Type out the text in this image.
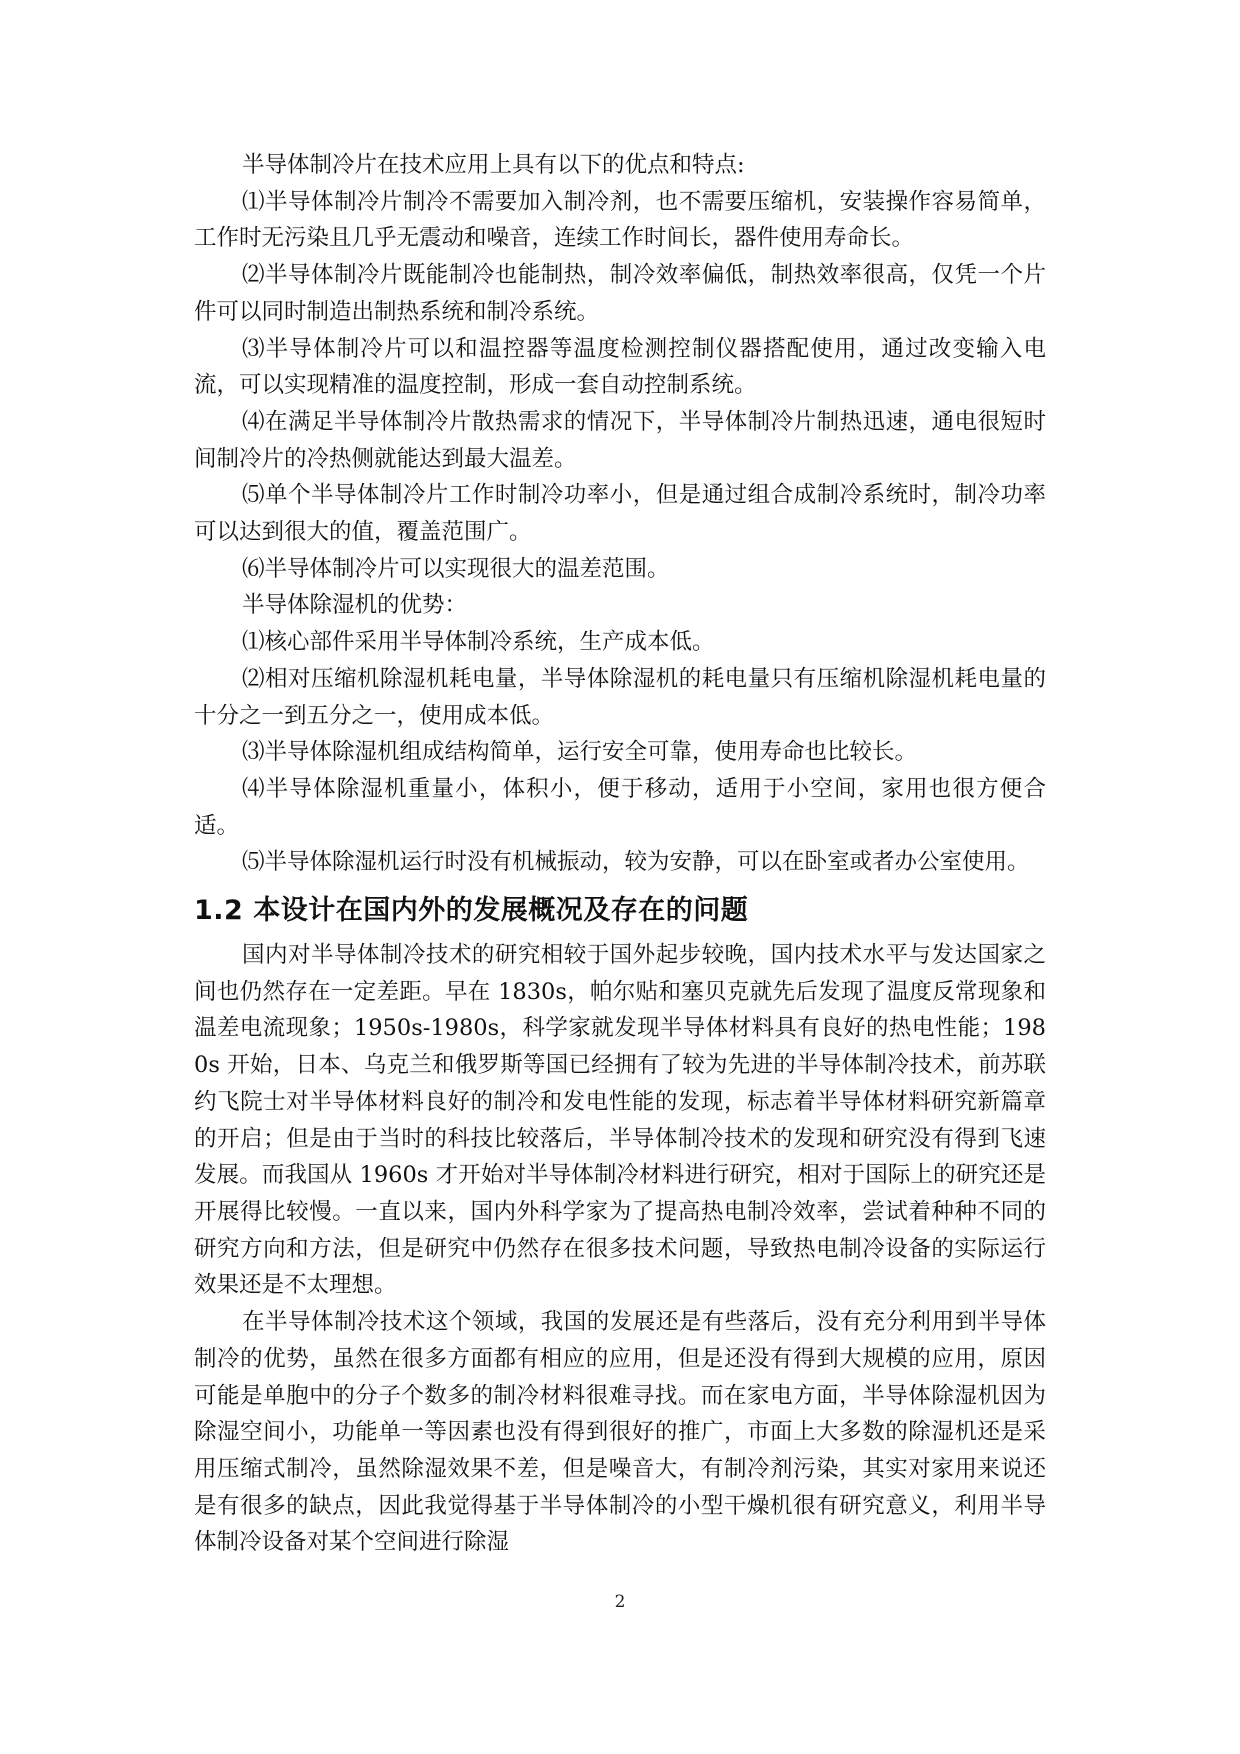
半导体制冷片在技术应用上具有以下的优点和特点:

⑴半导体制冷片制冷不需要加入制冷剂，也不需要压缩机，安装操作容易简单，工作时无污染且几乎无震动和噪音，连续工作时间长，器件使用寿命长。

⑵半导体制冷片既能制冷也能制热，制冷效率偏低，制热效率很高，仅凭一个片件可以同时制造出制热系统和制冷系统。

⑶半导体制冷片可以和温控器等温度检测控制仪器搭配使用，通过改变输入电流，可以实现精准的温度控制，形成一套自动控制系统。

⑷在满足半导体制冷片散热需求的情况下，半导体制冷片制热迅速，通电很短时间制冷片的冷热侧就能达到最大温差。

⑸单个半导体制冷片工作时制冷功率小，但是通过组合成制冷系统时，制冷功率可以达到很大的值，覆盖范围广。

⑹半导体制冷片可以实现很大的温差范围。

半导体除湿机的优势：

⑴核心部件采用半导体制冷系统，生产成本低。

⑵相对压缩机除湿机耗电量，半导体除湿机的耗电量只有压缩机除湿机耗电量的十分之一到五分之一，使用成本低。

⑶半导体除湿机组成结构简单，运行安全可靠，使用寿命也比较长。

⑷半导体除湿机重量小，体积小，便于移动，适用于小空间，家用也很方便合适。

⑸半导体除湿机运行时没有机械振动，较为安静，可以在卧室或者办公室使用。

1.2 本设计在国内外的发展概况及存在的问题

国内对半导体制冷技术的研究相较于国外起步较晚，国内技术水平与发达国家之间也仍然存在一定差距。早在 1830s，帕尔贴和塞贝克就先后发现了温度反常现象和温差电流现象；1950s-1980s，科学家就发现半导体材料具有良好的热电性能；1980s 开始，日本、乌克兰和俄罗斯等国已经拥有了较为先进的半导体制冷技术，前苏联约飞院士对半导体材料良好的制冷和发电性能的发现，标志着半导体材料研究新篇章的开启；但是由于当时的科技比较落后，半导体制冷技术的发现和研究没有得到飞速发展。而我国从 1960s 才开始对半导体制冷材料进行研究，相对于国际上的研究还是开展得比较慢。一直以来，国内外科学家为了提高热电制冷效率，尝试着种种不同的研究方向和方法，但是研究中仍然存在很多技术问题，导致热电制冷设备的实际运行效果还是不太理想。

在半导体制冷技术这个领域，我国的发展还是有些落后，没有充分利用到半导体制冷的优势，虽然在很多方面都有相应的应用，但是还没有得到大规模的应用，原因可能是单胞中的分子个数多的制冷材料很难寻找。而在家电方面，半导体除湿机因为除湿空间小，功能单一等因素也没有得到很好的推广，市面上大多数的除湿机还是采用压缩式制冷，虽然除湿效果不差，但是噪音大，有制冷剂污染，其实对家用来说还是有很多的缺点，因此我觉得基于半导体制冷的小型干燥机很有研究意义，利用半导体制冷设备对某个空间进行除湿

2
